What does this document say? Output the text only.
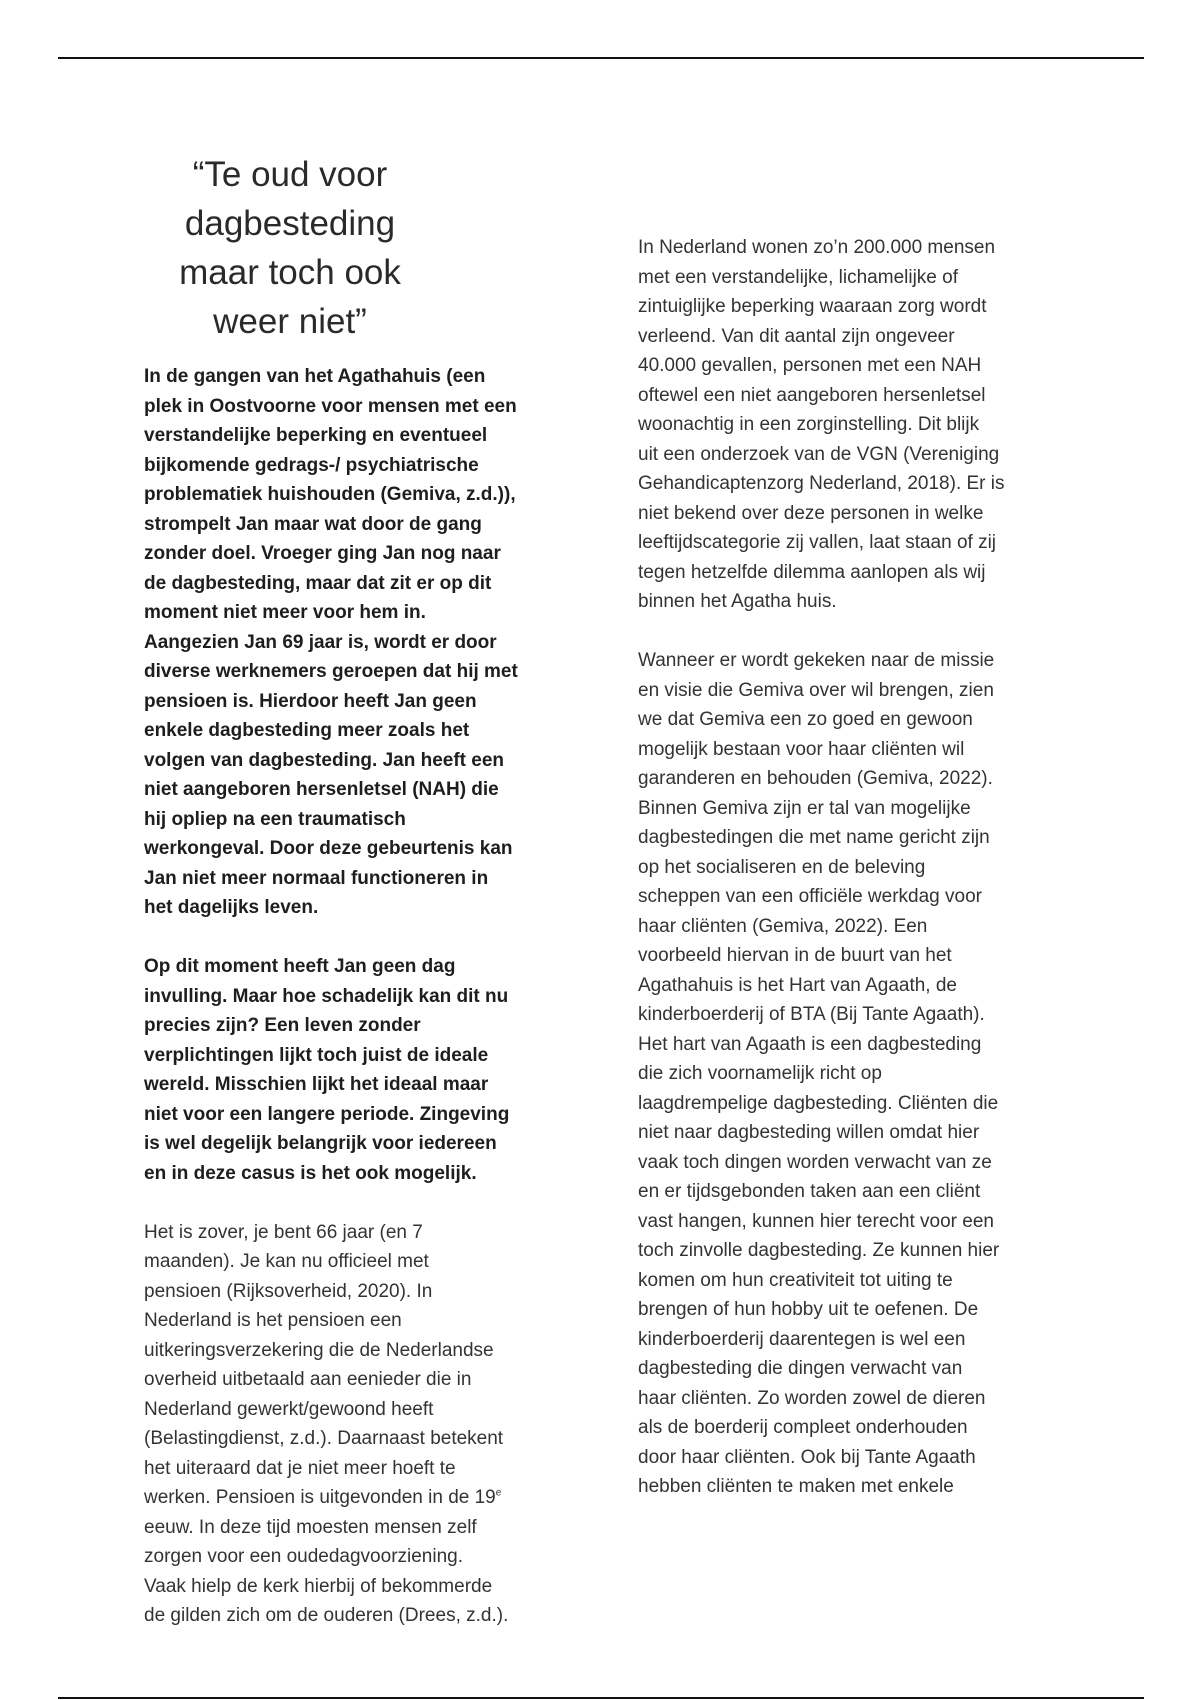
“Te oud voor
dagbesteding
maar toch ook
weer niet”
In de gangen van het Agathahuis (een
plek in Oostvoorne voor mensen met een
verstandelijke beperking en eventueel
bijkomende gedrags-/ psychiatrische
problematiek huishouden (Gemiva, z.d.)),
strompelt Jan maar wat door de gang
zonder doel. Vroeger ging Jan nog naar
de dagbesteding, maar dat zit er op dit
moment niet meer voor hem in.
Aangezien Jan 69 jaar is, wordt er door
diverse werknemers geroepen dat hij met
pensioen is. Hierdoor heeft Jan geen
enkele dagbesteding meer zoals het
volgen van dagbesteding. Jan heeft een
niet aangeboren hersenletsel (NAH) die
hij opliep na een traumatisch
werkongeval. Door deze gebeurtenis kan
Jan niet meer normaal functioneren in
het dagelijks leven.
Op dit moment heeft Jan geen dag
invulling. Maar hoe schadelijk kan dit nu
precies zijn? Een leven zonder
verplichtingen lijkt toch juist de ideale
wereld. Misschien lijkt het ideaal maar
niet voor een langere periode. Zingeving
is wel degelijk belangrijk voor iedereen
en in deze casus is het ook mogelijk.
Het is zover, je bent 66 jaar (en 7
maanden). Je kan nu officieel met
pensioen (Rijksoverheid, 2020). In
Nederland is het pensioen een
uitkeringsverzekering die de Nederlandse
overheid uitbetaald aan eenieder die in
Nederland gewerkt/gewoond heeft
(Belastingdienst, z.d.). Daarnaast betekent
het uiteraard dat je niet meer hoeft te
werken. Pensioen is uitgevonden in de 19e
eeuw. In deze tijd moesten mensen zelf
zorgen voor een oudedagvoorziening.
Vaak hielp de kerk hierbij of bekommerde
de gilden zich om de ouderen (Drees, z.d.).
In Nederland wonen zo’n 200.000 mensen
met een verstandelijke, lichamelijke of
zintuiglijke beperking waaraan zorg wordt
verleend. Van dit aantal zijn ongeveer
40.000 gevallen, personen met een NAH
oftewel een niet aangeboren hersenletsel
woonachtig in een zorginstelling. Dit blijk
uit een onderzoek van de VGN (Vereniging
Gehandicaptenzorg Nederland, 2018). Er is
niet bekend over deze personen in welke
leeftijdscategorie zij vallen, laat staan of zij
tegen hetzelfde dilemma aanlopen als wij
binnen het Agatha huis.
Wanneer er wordt gekeken naar de missie
en visie die Gemiva over wil brengen, zien
we dat Gemiva een zo goed en gewoon
mogelijk bestaan voor haar cliënten wil
garanderen en behouden (Gemiva, 2022).
Binnen Gemiva zijn er tal van mogelijke
dagbestedingen die met name gericht zijn
op het socialiseren en de beleving
scheppen van een officiële werkdag voor
haar cliënten (Gemiva, 2022). Een
voorbeeld hiervan in de buurt van het
Agathahuis is het Hart van Agaath, de
kinderboerderij of BTA (Bij Tante Agaath).
Het hart van Agaath is een dagbesteding
die zich voornamelijk richt op
laagdrempelige dagbesteding. Cliënten die
niet naar dagbesteding willen omdat hier
vaak toch dingen worden verwacht van ze
en er tijdsgebonden taken aan een cliënt
vast hangen, kunnen hier terecht voor een
toch zinvolle dagbesteding. Ze kunnen hier
komen om hun creativiteit tot uiting te
brengen of hun hobby uit te oefenen. De
kinderboerderij daarentegen is wel een
dagbesteding die dingen verwacht van
haar cliënten. Zo worden zowel de dieren
als de boerderij compleet onderhouden
door haar cliënten. Ook bij Tante Agaath
hebben cliënten te maken met enkele
